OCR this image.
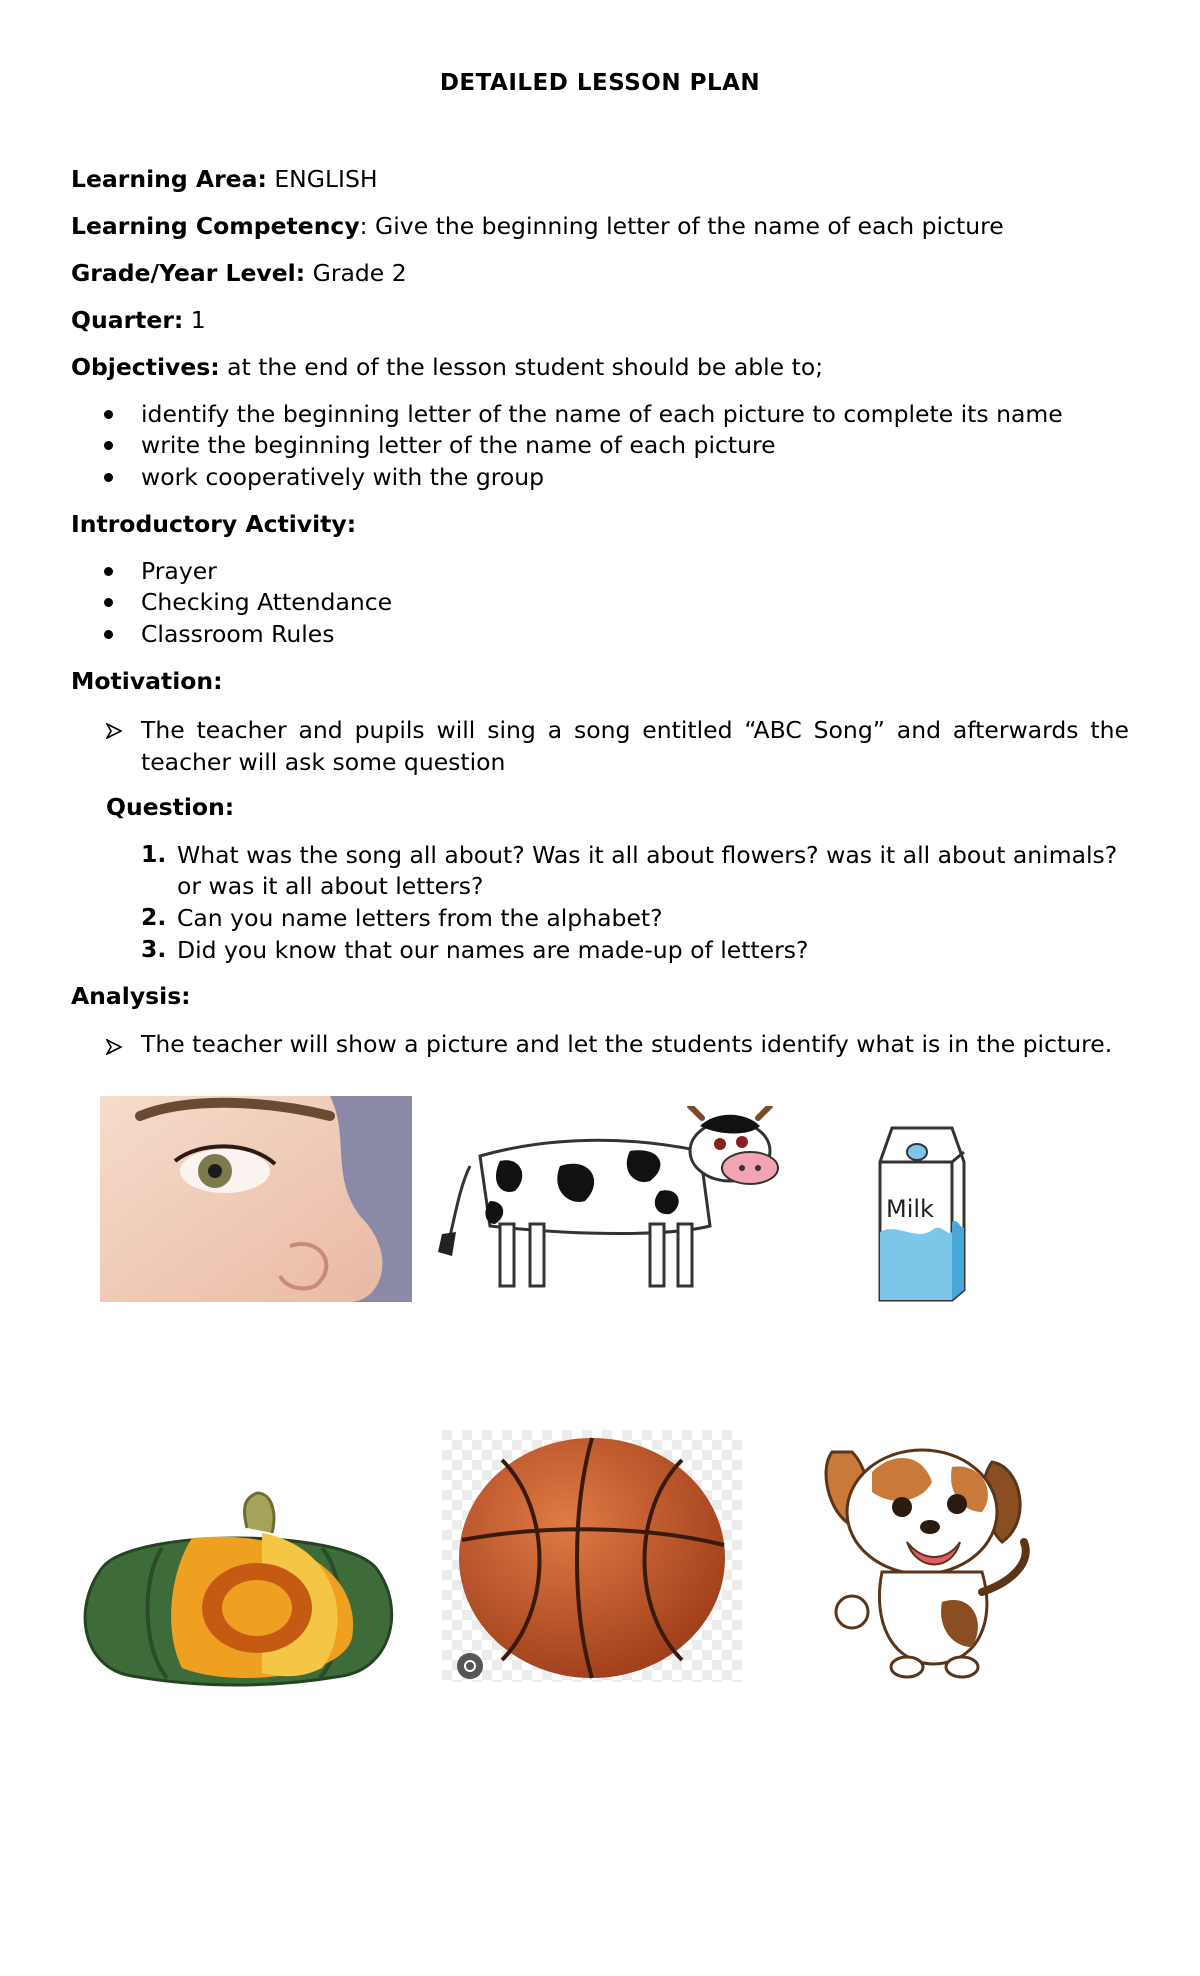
DETAILED LESSON PLAN
Learning Area: ENGLISH
Learning Competency: Give the beginning letter of the name of each picture
Grade/Year Level: Grade 2
Quarter: 1
Objectives: at the end of the lesson student should be able to;
identify the beginning letter of the name of each picture to complete its name
write the beginning letter of the name of each picture
work cooperatively with the group
Introductory Activity:
Prayer
Checking Attendance
Classroom Rules
Motivation:
The teacher and pupils will sing a song entitled “ABC Song” and afterwards the teacher will ask some question
Question:
1. What was the song all about? Was it all about flowers? was it all about animals? or was it all about letters?
2. Can you name letters from the alphabet?
3. Did you know that our names are made-up of letters?
Analysis:
The teacher will show a picture and let the students identify what is in the picture.
Milk
